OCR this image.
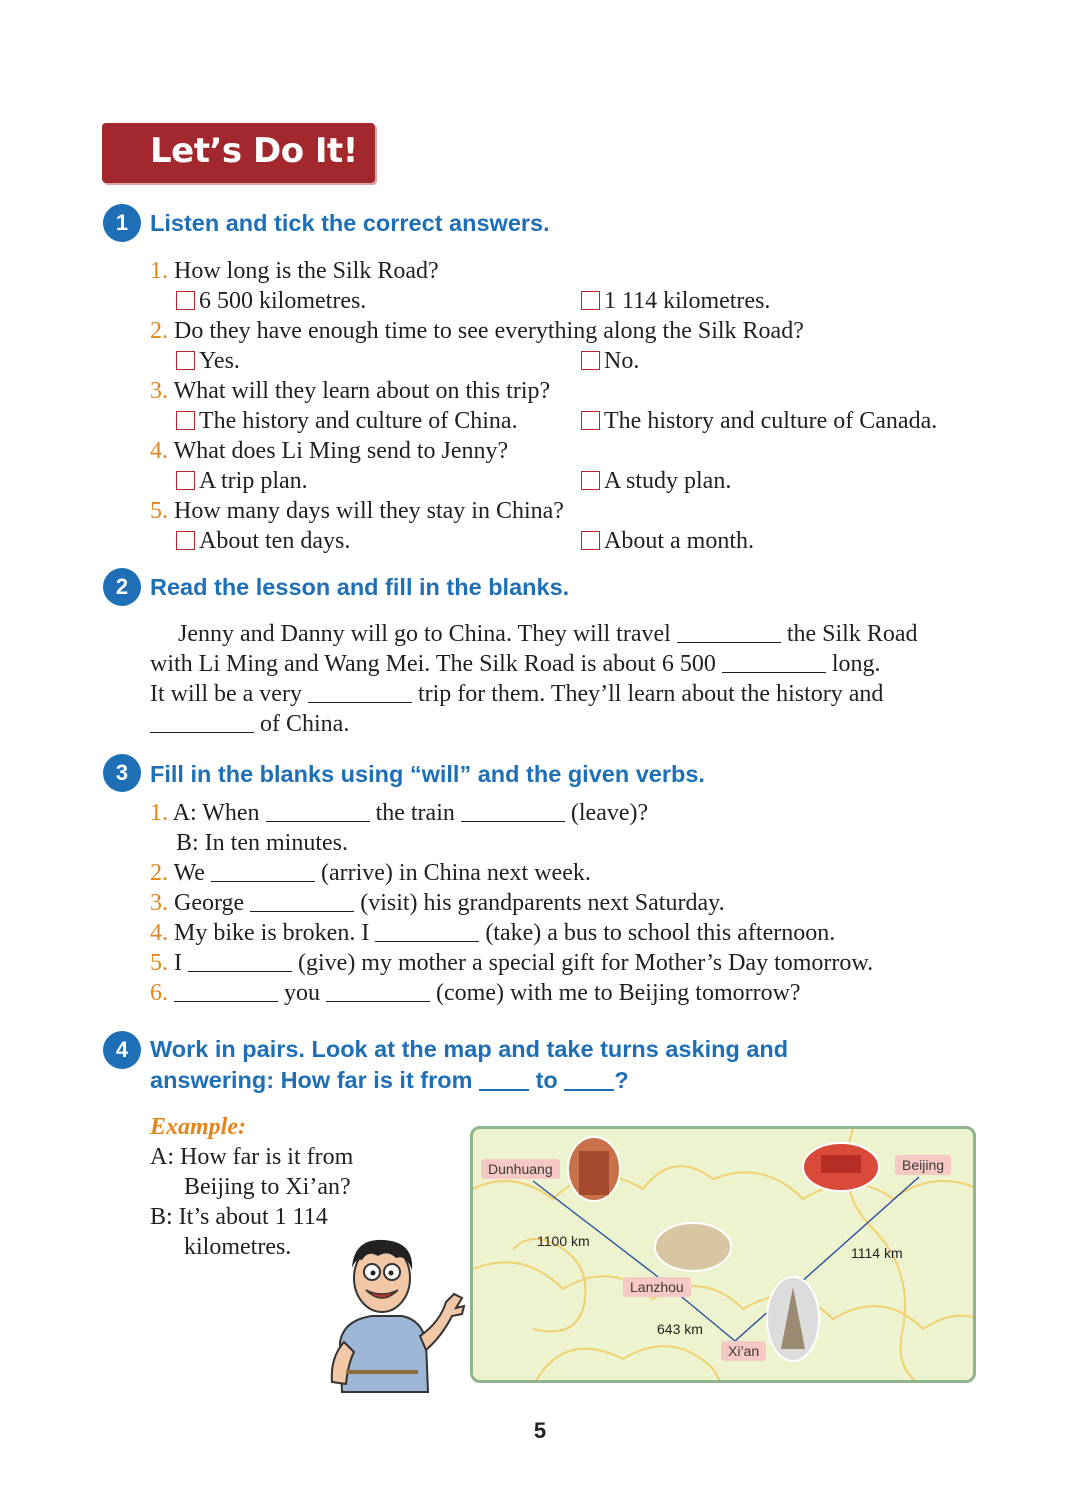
Let’s Do It!
1 Listen and tick the correct answers.
1. How long is the Silk Road?
6 500 kilometres.	1 114 kilometres.
2. Do they have enough time to see everything along the Silk Road?
Yes.	No.
3. What will they learn about on this trip?
The history and culture of China.	The history and culture of Canada.
4. What does Li Ming send to Jenny?
A trip plan.	A study plan.
5. How many days will they stay in China?
About ten days.	About a month.
2 Read the lesson and fill in the blanks.
Jenny and Danny will go to China. They will travel	the Silk Road
with Li Ming and Wang Mei. The Silk Road is about 6 500	long.
It will be a very	trip for them. They’ll learn about the history and
of China.
3 Fill in the blanks using “will” and the given verbs.
1. A: When	the train	(leave)?
B: In ten minutes.
2. We	(arrive) in China next week.
3. George	(visit) his grandparents next Saturday.
4. My bike is broken. I	(take) a bus to school this afternoon.
5. I	(give) my mother a special gift for Mother’s Day tomorrow.
6.	you	(come) with me to Beijing tomorrow?
4 Work in pairs. Look at the map and take turns asking and
answering: How far is it from	to ?
Example:
A: How far is it from
Beijing to Xi’an?
B: It’s about 1 114
kilometres.
Dunhuang	Beijing
Lanzhou
Xi’an
1100 km
1114 km
643 km
5
